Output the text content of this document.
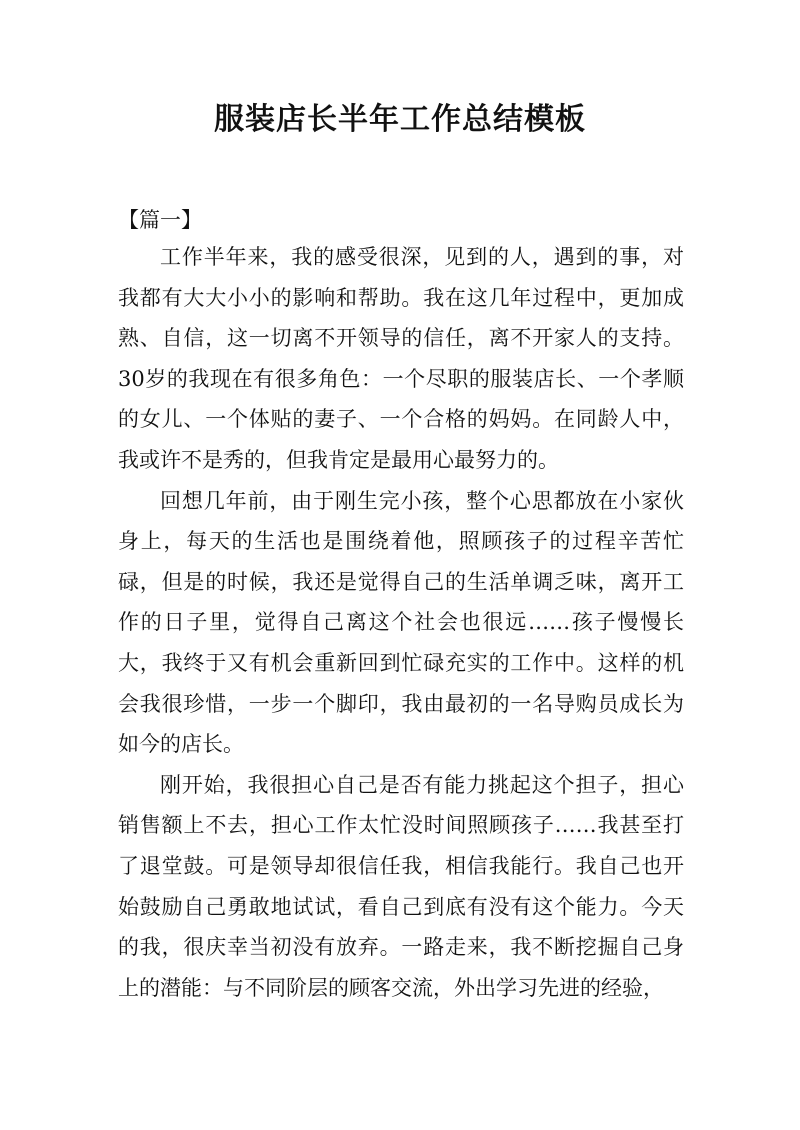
服装店长半年工作总结模板
【篇一】

工作半年来，我的感受很深，见到的人，遇到的事，对我都有大大小小的影响和帮助。我在这几年过程中，更加成熟、自信，这一切离不开领导的信任，离不开家人的支持。30岁的我现在有很多角色：一个尽职的服装店长、一个孝顺的女儿、一个体贴的妻子、一个合格的妈妈。在同龄人中，我或许不是秀的，但我肯定是最用心最努力的。

回想几年前，由于刚生完小孩，整个心思都放在小家伙身上，每天的生活也是围绕着他，照顾孩子的过程辛苦忙碌，但是的时候，我还是觉得自己的生活单调乏味，离开工作的日子里，觉得自己离这个社会也很远……孩子慢慢长大，我终于又有机会重新回到忙碌充实的工作中。这样的机会我很珍惜，一步一个脚印，我由最初的一名导购员成长为如今的店长。

刚开始，我很担心自己是否有能力挑起这个担子，担心销售额上不去，担心工作太忙没时间照顾孩子……我甚至打了退堂鼓。可是领导却很信任我，相信我能行。我自己也开始鼓励自己勇敢地试试，看自己到底有没有这个能力。今天的我，很庆幸当初没有放弃。一路走来，我不断挖掘自己身上的潜能：与不同阶层的顾客交流，外出学习先进的经验，
